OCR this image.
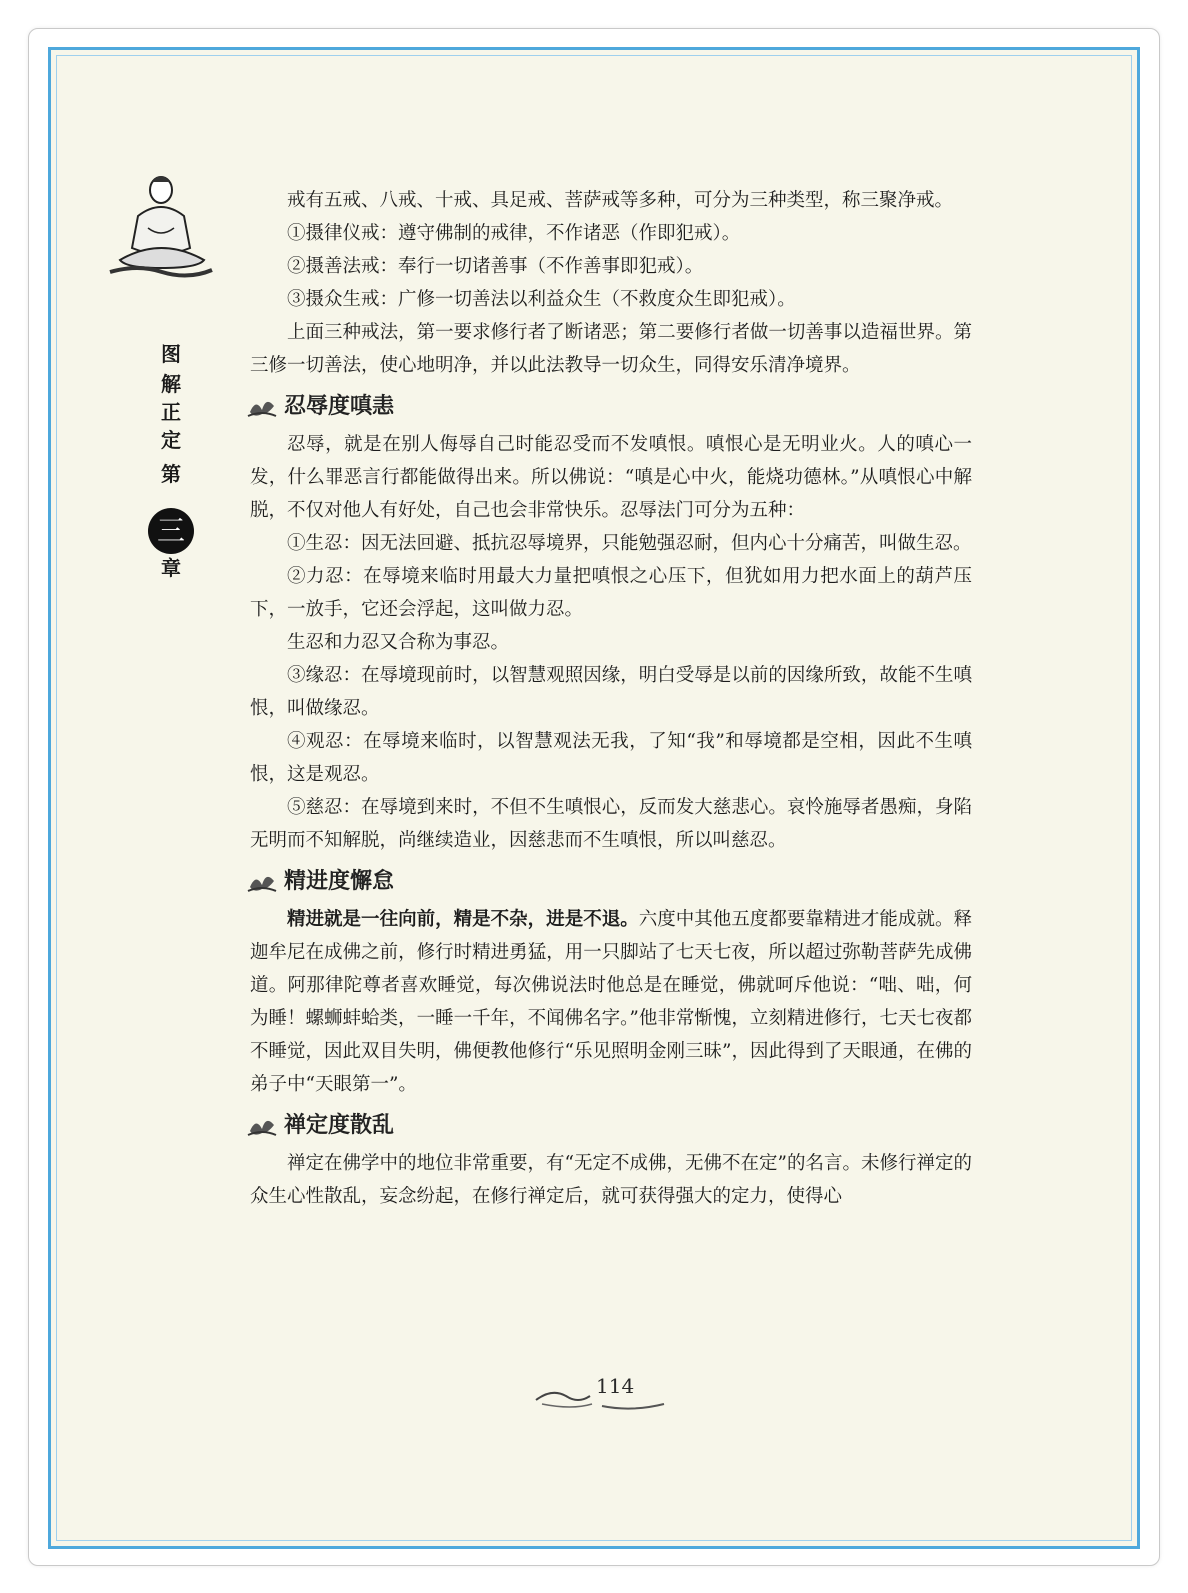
图
解
正
定
第
三
章

戒有五戒、八戒、十戒、具足戒、菩萨戒等多种，可分为三种类型，称三聚净戒。

①摄律仪戒：遵守佛制的戒律，不作诸恶（作即犯戒）。

②摄善法戒：奉行一切诸善事（不作善事即犯戒）。

③摄众生戒：广修一切善法以利益众生（不救度众生即犯戒）。

上面三种戒法，第一要求修行者了断诸恶；第二要修行者做一切善事以造福世界。第三修一切善法，使心地明净，并以此法教导一切众生，同得安乐清净境界。

忍辱度嗔恚

忍辱，就是在别人侮辱自己时能忍受而不发嗔恨。嗔恨心是无明业火。人的嗔心一发，什么罪恶言行都能做得出来。所以佛说：“嗔是心中火，能烧功德林。”从嗔恨心中解脱，不仅对他人有好处，自己也会非常快乐。忍辱法门可分为五种：

①生忍：因无法回避、抵抗忍辱境界，只能勉强忍耐，但内心十分痛苦，叫做生忍。

②力忍：在辱境来临时用最大力量把嗔恨之心压下，但犹如用力把水面上的葫芦压下，一放手，它还会浮起，这叫做力忍。

生忍和力忍又合称为事忍。

③缘忍：在辱境现前时，以智慧观照因缘，明白受辱是以前的因缘所致，故能不生嗔恨，叫做缘忍。

④观忍：在辱境来临时，以智慧观法无我，了知“我”和辱境都是空相，因此不生嗔恨，这是观忍。

⑤慈忍：在辱境到来时，不但不生嗔恨心，反而发大慈悲心。哀怜施辱者愚痴，身陷无明而不知解脱，尚继续造业，因慈悲而不生嗔恨，所以叫慈忍。

精进度懈怠

精进就是一往向前，精是不杂，进是不退。六度中其他五度都要靠精进才能成就。释迦牟尼在成佛之前，修行时精进勇猛，用一只脚站了七天七夜，所以超过弥勒菩萨先成佛道。阿那律陀尊者喜欢睡觉，每次佛说法时他总是在睡觉，佛就呵斥他说：“咄、咄，何为睡！螺蛳蚌蛤类，一睡一千年，不闻佛名字。”他非常惭愧，立刻精进修行，七天七夜都不睡觉，因此双目失明，佛便教他修行“乐见照明金刚三昧”，因此得到了天眼通，在佛的弟子中“天眼第一”。

禅定度散乱

禅定在佛学中的地位非常重要，有“无定不成佛，无佛不在定”的名言。未修行禅定的众生心性散乱，妄念纷起，在修行禅定后，就可获得强大的定力，使得心

114
